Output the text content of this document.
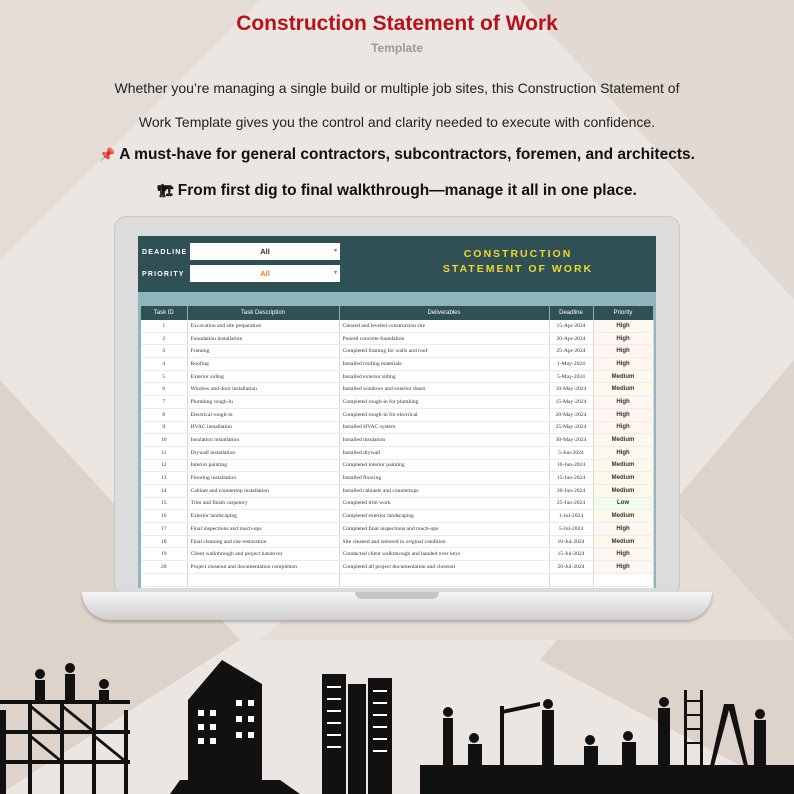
Construction Statement of Work
Template
Whether you’re managing a single build or multiple job sites, this Construction Statement of
Work Template gives you the control and clarity needed to execute with confidence.
📌 A must-have for general contractors, subcontractors, foremen, and architects.
🏗 From first dig to final walkthrough—manage it all in one place.
DEADLINE	All	▾
PRIORITY	All	▾
CONSTRUCTION
STATEMENT OF WORK
Task ID	Task Description	Deliverables	Deadline	Priority
1	Excavation and site preparation	Cleared and leveled construction site	15-Apr-2024	High
2	Foundation installation	Poured concrete foundation	20-Apr-2024	High
3	Framing	Completed framing for walls and roof	25-Apr-2024	High
4	Roofing	Installed roofing materials	1-May-2024	High
5	Exterior siding	Installed exterior siding	5-May-2024	Medium
6	Window and door installation	Installed windows and exterior doors	10-May-2024	Medium
7	Plumbing rough-in	Completed rough-in for plumbing	15-May-2024	High
8	Electrical rough-in	Completed rough-in for electrical	20-May-2024	High
9	HVAC installation	Installed HVAC system	25-May-2024	High
10	Insulation installation	Installed insulation	30-May-2024	Medium
11	Drywall installation	Installed drywall	5-Jun-2024	High
12	Interior painting	Completed interior painting	10-Jun-2024	Medium
13	Flooring installation	Installed flooring	15-Jun-2024	Medium
14	Cabinet and countertop installation	Installed cabinets and countertops	20-Jun-2024	Medium
15	Trim and finish carpentry	Completed trim work	25-Jun-2024	Low
16	Exterior landscaping	Completed exterior landscaping	1-Jul-2024	Medium
17	Final inspections and touch-ups	Completed final inspections and touch-ups	5-Jul-2024	High
18	Final cleaning and site restoration	Site cleaned and restored to original condition	10-Jul-2024	Medium
19	Client walkthrough and project handover	Conducted client walkthrough and handed over keys	15-Jul-2024	High
20	Project closeout and documentation completion	Completed all project documentation and closeout	20-Jul-2024	High
